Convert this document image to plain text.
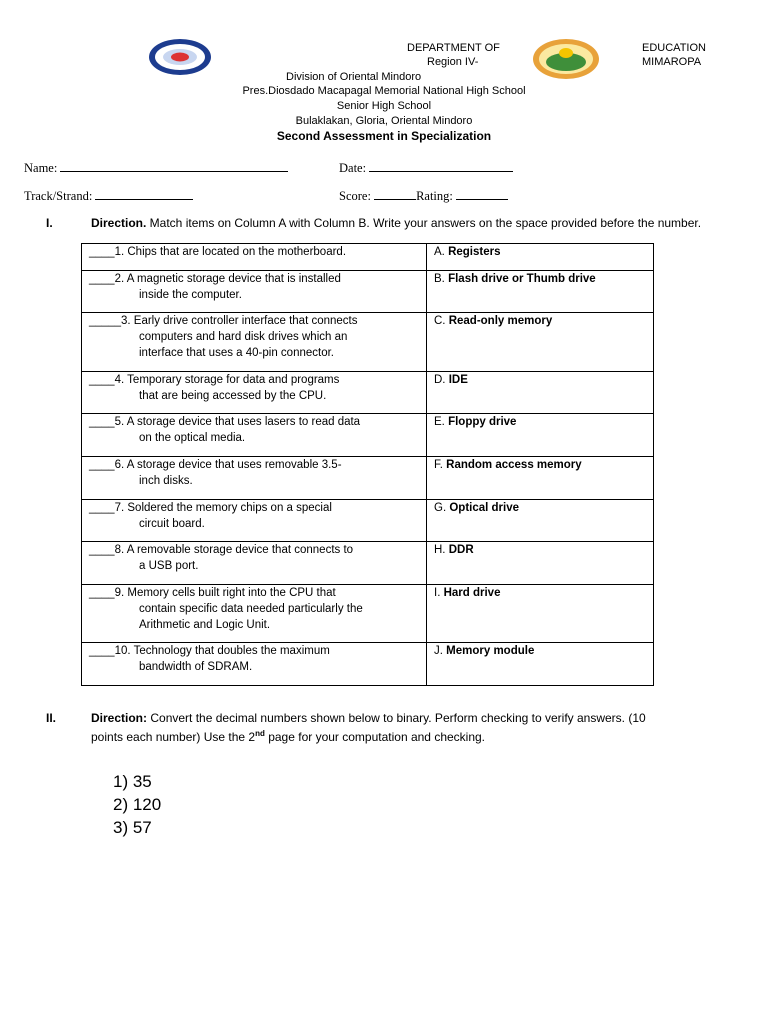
DEPARTMENT OF	EDUCATION
Region IV-	MIMAROPA
Division of Oriental Mindoro
Pres.Diosdado Macapagal Memorial National High School
Senior High School
Bulaklakan, Gloria, Oriental Mindoro
Second Assessment in Specialization
Name:	Date:
Track/Strand:	Score:	Rating:
I.	Direction. Match items on Column A with Column B. Write your answers on the space provided before the number.
____1. Chips that are located on the motherboard.	A. Registers

____2. A magnetic storage device that is installed
inside the computer.	B. Flash drive or Thumb drive

_____3. Early drive controller interface that connects
computers and hard disk drives which an
interface that uses a 40-pin connector.	C. Read-only memory

____4. Temporary storage for data and programs
that are being accessed by the CPU.	D. IDE

____5. A storage device that uses lasers to read data
on the optical media.	E. Floppy drive

____6. A storage device that uses removable 3.5-
inch disks.	F. Random access memory

____7. Soldered the memory chips on a special
circuit board.	G. Optical drive

____8. A removable storage device that connects to
a USB port.	H. DDR

____9. Memory cells built right into the CPU that
contain specific data needed particularly the
Arithmetic and Logic Unit.	I. Hard drive

____10. Technology that doubles the maximum
bandwidth of SDRAM.	J. Memory module
II.	Direction: Convert the decimal numbers shown below to binary. Perform checking to verify answers. (10 points each number) Use the 2nd page for your computation and checking.
1) 35
2) 120
3) 57
